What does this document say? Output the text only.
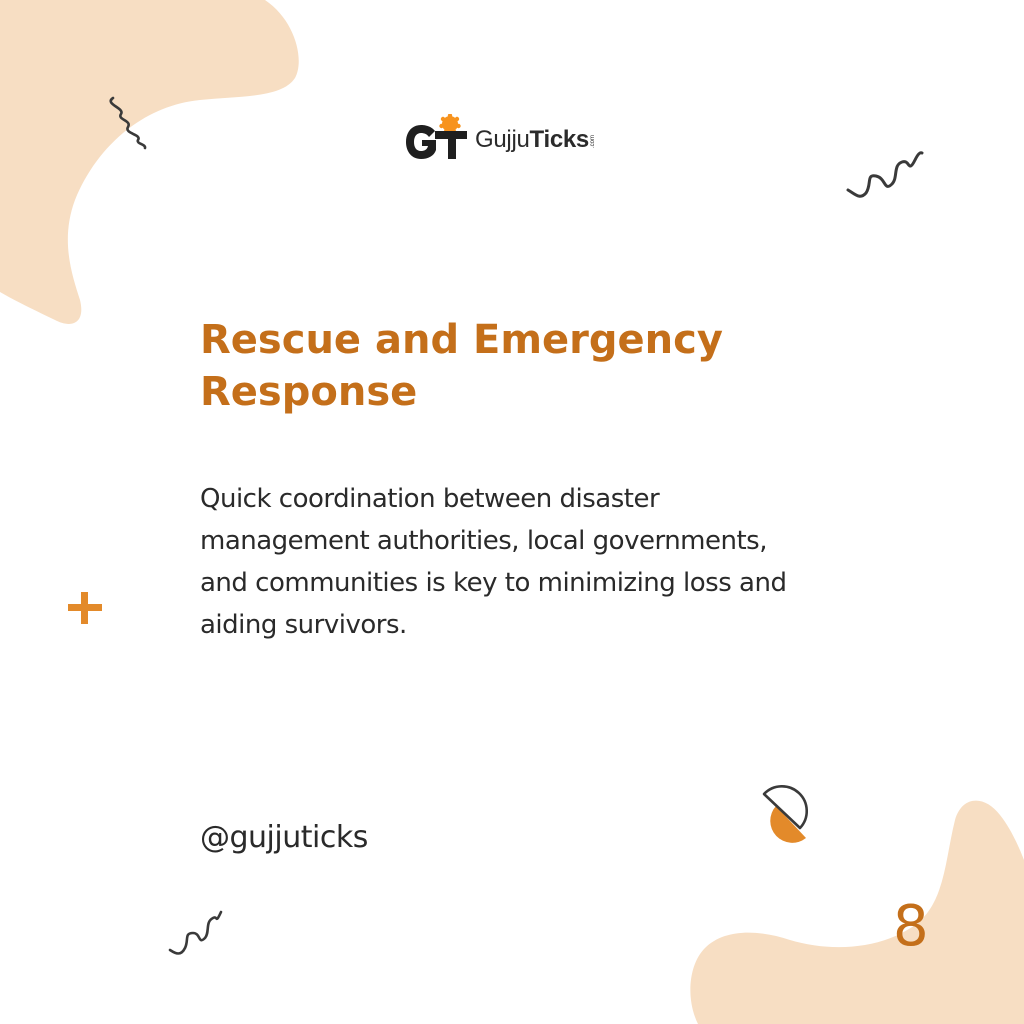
GujjuTicks .com
Rescue and Emergency Response

Quick coordination between disaster management authorities, local governments, and communities is key to minimizing loss and aiding survivors.

@gujjuticks
8
